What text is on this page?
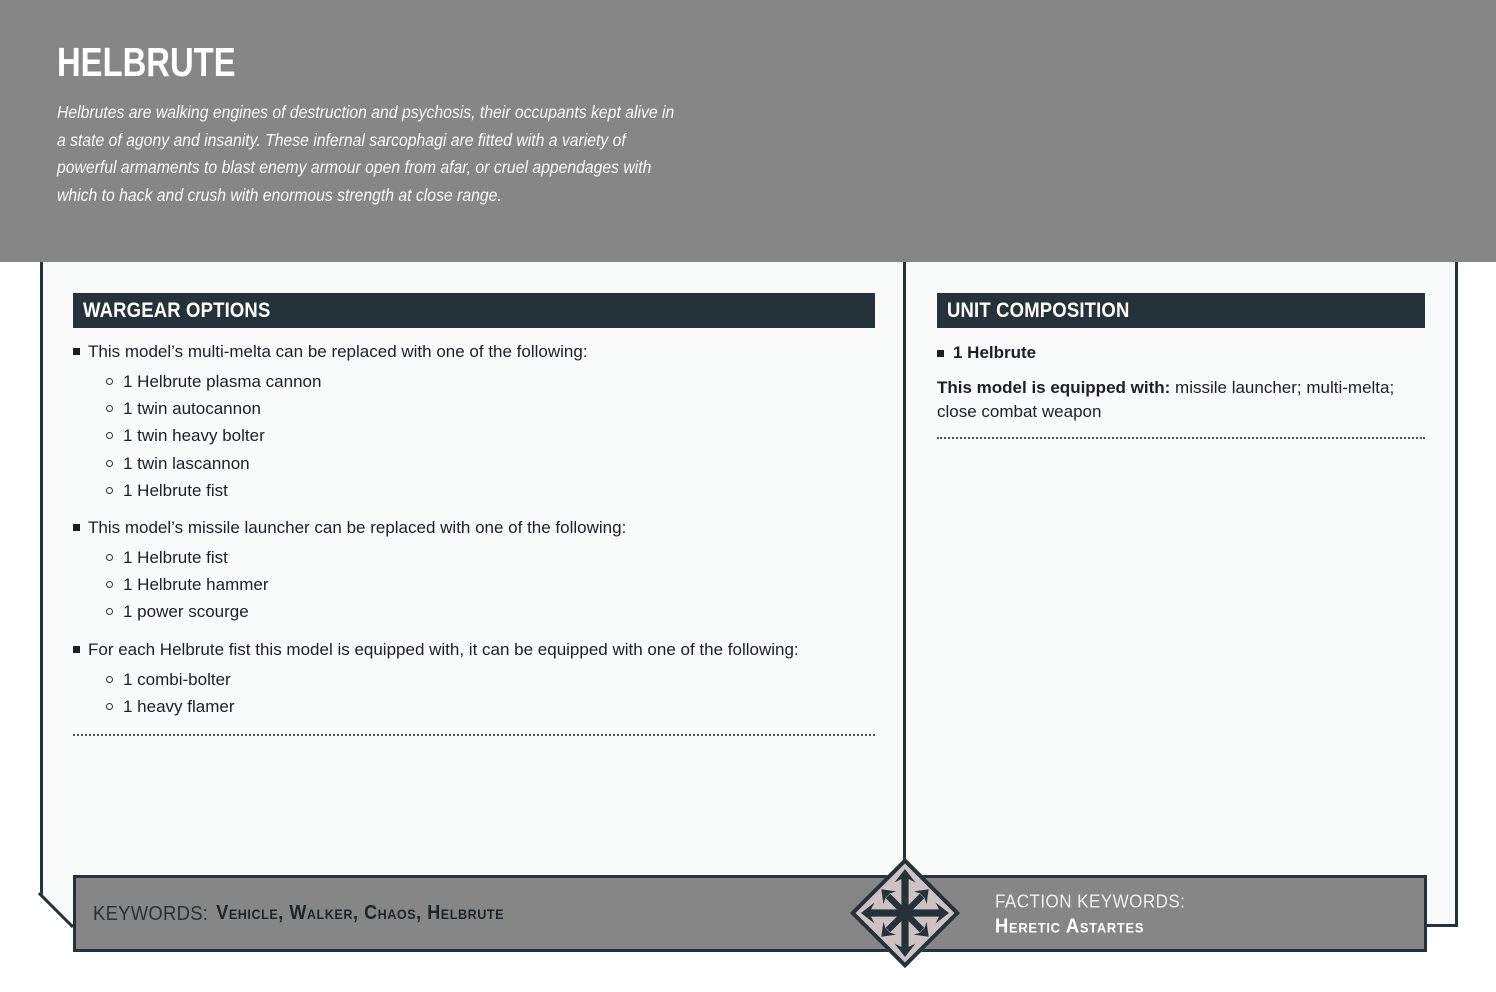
HELBRUTE

Helbrutes are walking engines of destruction and psychosis, their occupants kept alive in a state of agony and insanity. These infernal sarcophagi are fitted with a variety of powerful armaments to blast enemy armour open from afar, or cruel appendages with which to hack and crush with enormous strength at close range.

WARGEAR OPTIONS
This model’s multi-melta can be replaced with one of the following:
1 Helbrute plasma cannon
1 twin autocannon
1 twin heavy bolter
1 twin lascannon
1 Helbrute fist
This model’s missile launcher can be replaced with one of the following:
1 Helbrute fist
1 Helbrute hammer
1 power scourge
For each Helbrute fist this model is equipped with, it can be equipped with one of the following:
1 combi-bolter
1 heavy flamer
UNIT COMPOSITION
1 Helbrute

This model is equipped with: missile launcher; multi-melta; close combat weapon

KEYWORDS: Vehicle, Walker, Chaos, Helbrute
FACTION KEYWORDS:
Heretic Astartes
